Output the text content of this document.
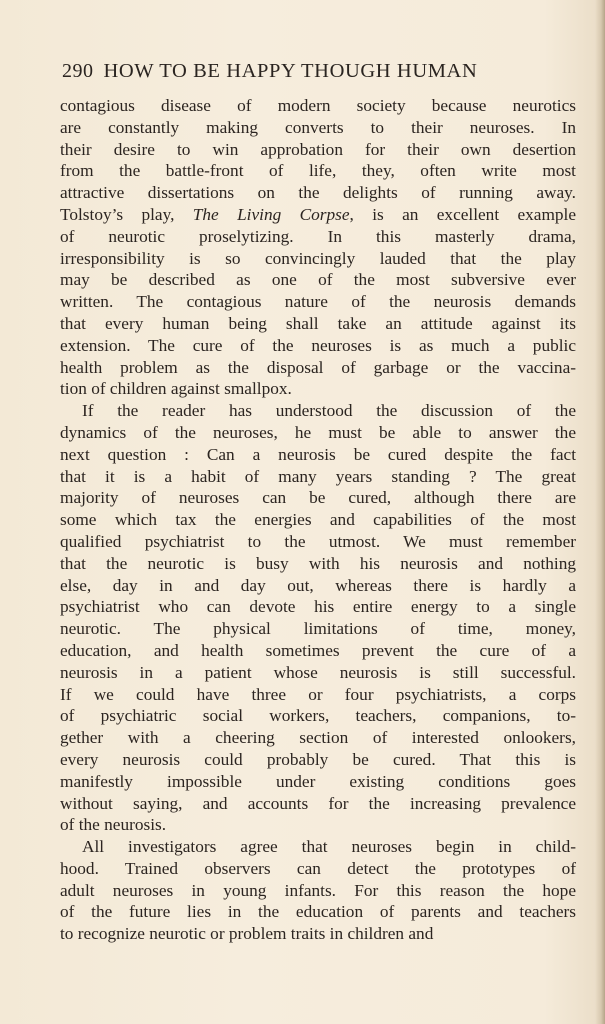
290 HOW TO BE HAPPY THOUGH HUMAN
contagious disease of modern society because neurotics
are constantly making converts to their neuroses. In
their desire to win approbation for their own desertion
from the battle-front of life, they, often write most
attractive dissertations on the delights of running away.
Tolstoy’s play, The Living Corpse, is an excellent example
of neurotic proselytizing. In this masterly drama,
irresponsibility is so convincingly lauded that the play
may be described as one of the most subversive ever
written. The contagious nature of the neurosis demands
that every human being shall take an attitude against its
extension. The cure of the neuroses is as much a public
health problem as the disposal of garbage or the vaccina-
tion of children against smallpox.
If the reader has understood the discussion of the
dynamics of the neuroses, he must be able to answer the
next question : Can a neurosis be cured despite the fact
that it is a habit of many years standing ? The great
majority of neuroses can be cured, although there are
some which tax the energies and capabilities of the most
qualified psychiatrist to the utmost. We must remember
that the neurotic is busy with his neurosis and nothing
else, day in and day out, whereas there is hardly a
psychiatrist who can devote his entire energy to a single
neurotic. The physical limitations of time, money,
education, and health sometimes prevent the cure of a
neurosis in a patient whose neurosis is still successful.
If we could have three or four psychiatrists, a corps
of psychiatric social workers, teachers, companions, to-
gether with a cheering section of interested onlookers,
every neurosis could probably be cured. That this is
manifestly impossible under existing conditions goes
without saying, and accounts for the increasing prevalence
of the neurosis.
All investigators agree that neuroses begin in child-
hood. Trained observers can detect the prototypes of
adult neuroses in young infants. For this reason the hope
of the future lies in the education of parents and teachers
to recognize neurotic or problem traits in children and
